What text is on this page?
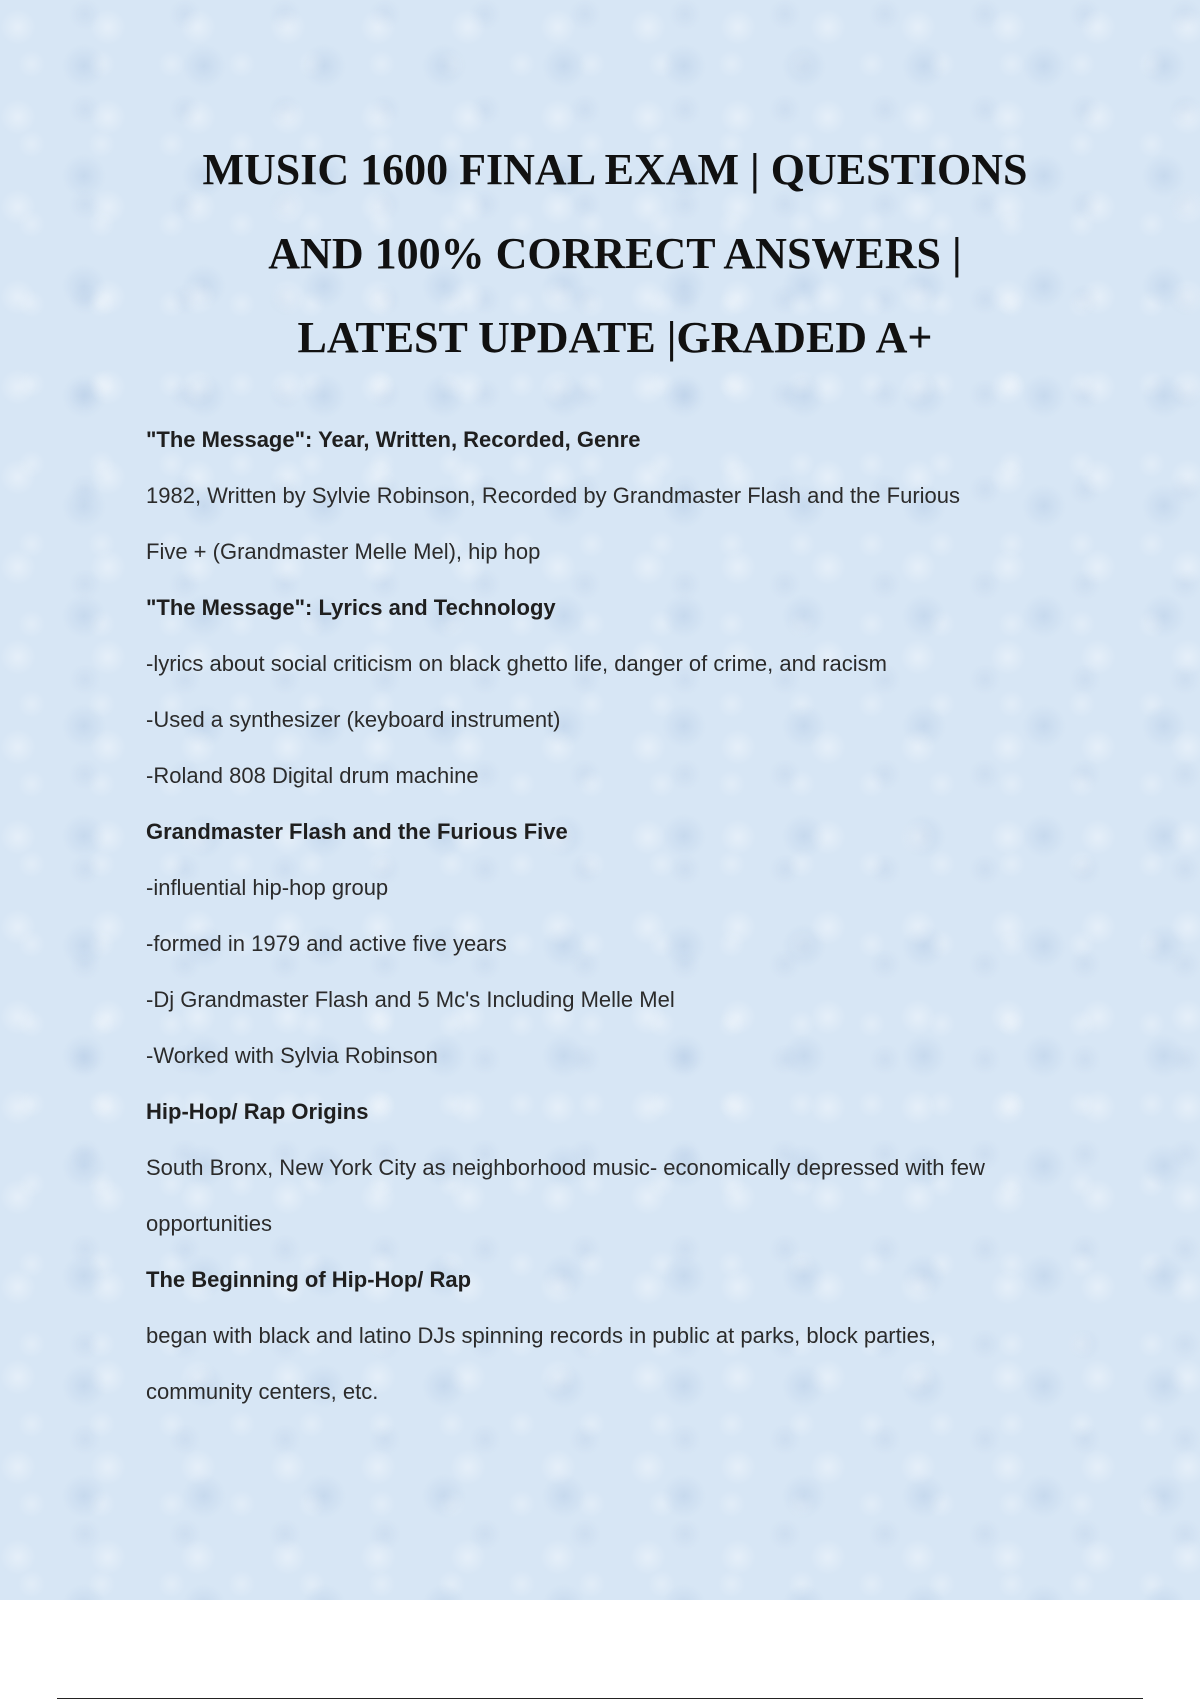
MUSIC 1600 FINAL EXAM | QUESTIONS
AND 100% CORRECT ANSWERS |
LATEST UPDATE |GRADED A+

"The Message": Year, Written, Recorded, Genre

1982, Written by Sylvie Robinson, Recorded by Grandmaster Flash and the Furious

Five + (Grandmaster Melle Mel), hip hop

"The Message": Lyrics and Technology

-lyrics about social criticism on black ghetto life, danger of crime, and racism

-Used a synthesizer (keyboard instrument)

-Roland 808 Digital drum machine

Grandmaster Flash and the Furious Five

-influential hip-hop group

-formed in 1979 and active five years

-Dj Grandmaster Flash and 5 Mc's Including Melle Mel

-Worked with Sylvia Robinson

Hip-Hop/ Rap Origins

South Bronx, New York City as neighborhood music- economically depressed with few

opportunities

The Beginning of Hip-Hop/ Rap

began with black and latino DJs spinning records in public at parks, block parties,

community centers, etc.
